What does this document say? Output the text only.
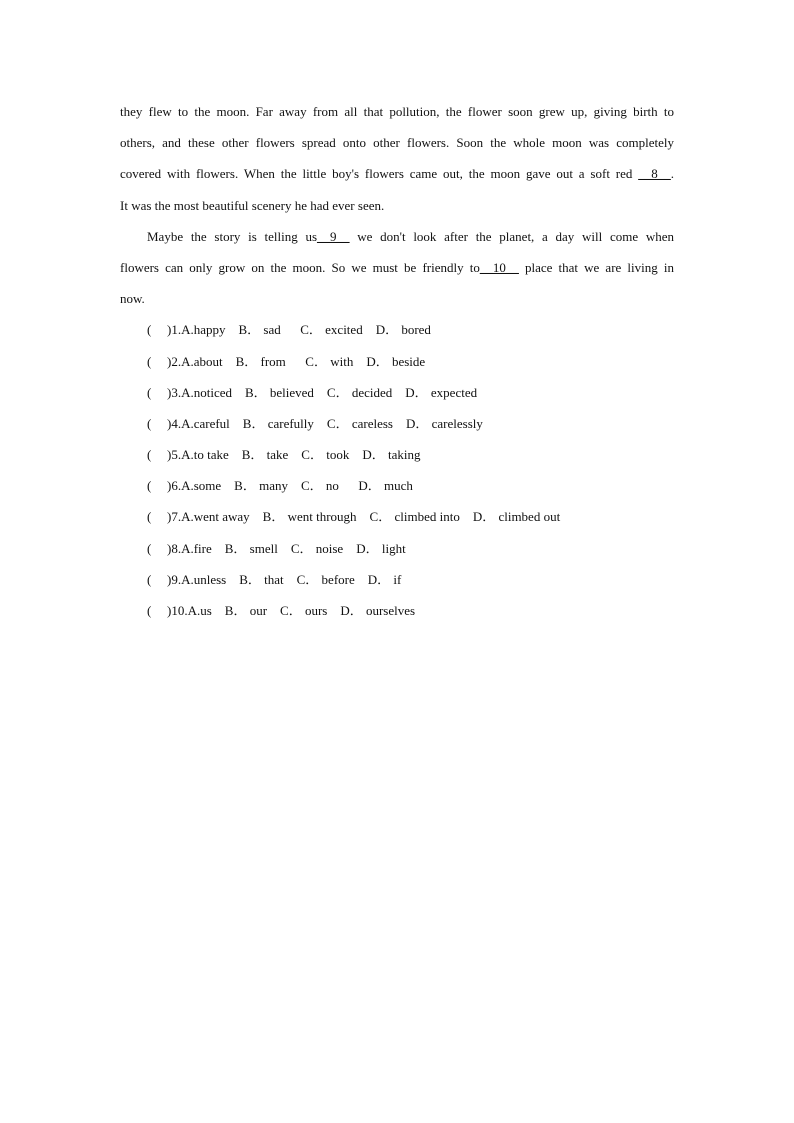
they flew to the moon. Far away from all that pollution, the flower soon grew up, giving birth to
others, and these other flowers spread onto other flowers. Soon the whole moon was completely
covered with flowers. When the little boy's flowers came out, the moon gave out a soft red __8__.
It was the most beautiful scenery he had ever seen.
Maybe the story is telling us__9__ we don't look after the planet, a day will come when
flowers can only grow on the moon. So we must be friendly to__10__ place that we are living in
now.
( )1.A.happy    B． sad      C． excited    D． bored
( )2.A.about    B． from      C． with    D． beside
( )3.A.noticed    B． believed    C． decided    D． expected
( )4.A.careful    B． carefully    C． careless    D． carelessly
( )5.A.to take    B． take    C． took    D． taking
( )6.A.some    B． many    C． no      D． much
( )7.A.went away    B． went through    C． climbed into    D． climbed out
( )8.A.fire    B． smell    C． noise    D． light
( )9.A.unless    B． that    C． before    D． if
( )10.A.us    B． our    C． ours    D． ourselves
